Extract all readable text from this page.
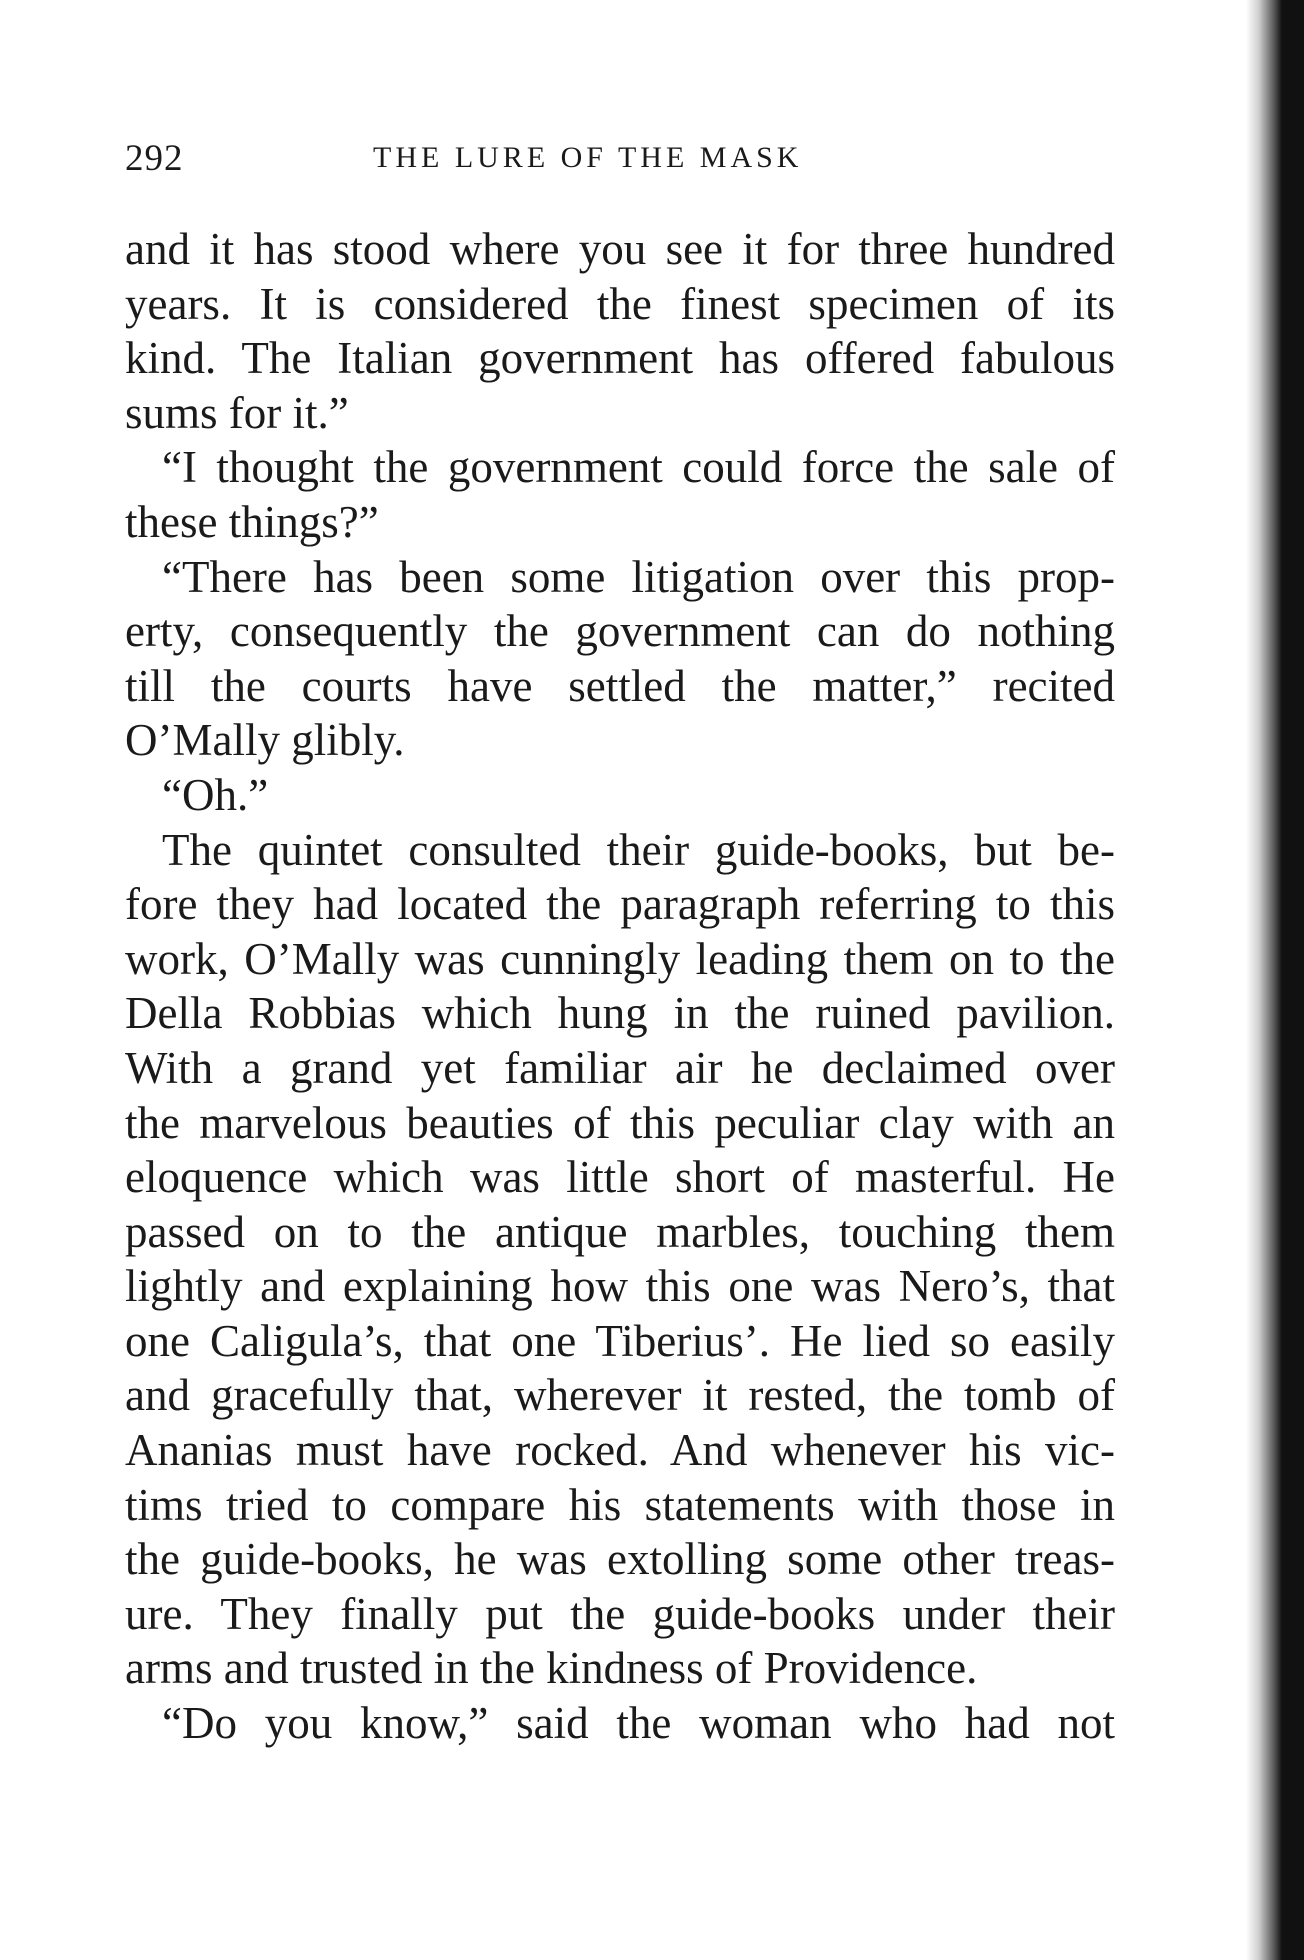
292	THE LURE OF THE MASK
and it has stood where you see it for three hundred
years. It is considered the finest specimen of its
kind. The Italian government has offered fabulous
sums for it.”
“I thought the government could force the sale of
these things?”
“There has been some litigation over this prop-
erty, consequently the government can do nothing
till the courts have settled the matter,” recited
O’Mally glibly.
“Oh.”
The quintet consulted their guide-books, but be-
fore they had located the paragraph referring to this
work, O’Mally was cunningly leading them on to the
Della Robbias which hung in the ruined pavilion.
With a grand yet familiar air he declaimed over
the marvelous beauties of this peculiar clay with an
eloquence which was little short of masterful. He
passed on to the antique marbles, touching them
lightly and explaining how this one was Nero’s, that
one Caligula’s, that one Tiberius’. He lied so easily
and gracefully that, wherever it rested, the tomb of
Ananias must have rocked. And whenever his vic-
tims tried to compare his statements with those in
the guide-books, he was extolling some other treas-
ure. They finally put the guide-books under their
arms and trusted in the kindness of Providence.
“Do you know,” said the woman who had not
